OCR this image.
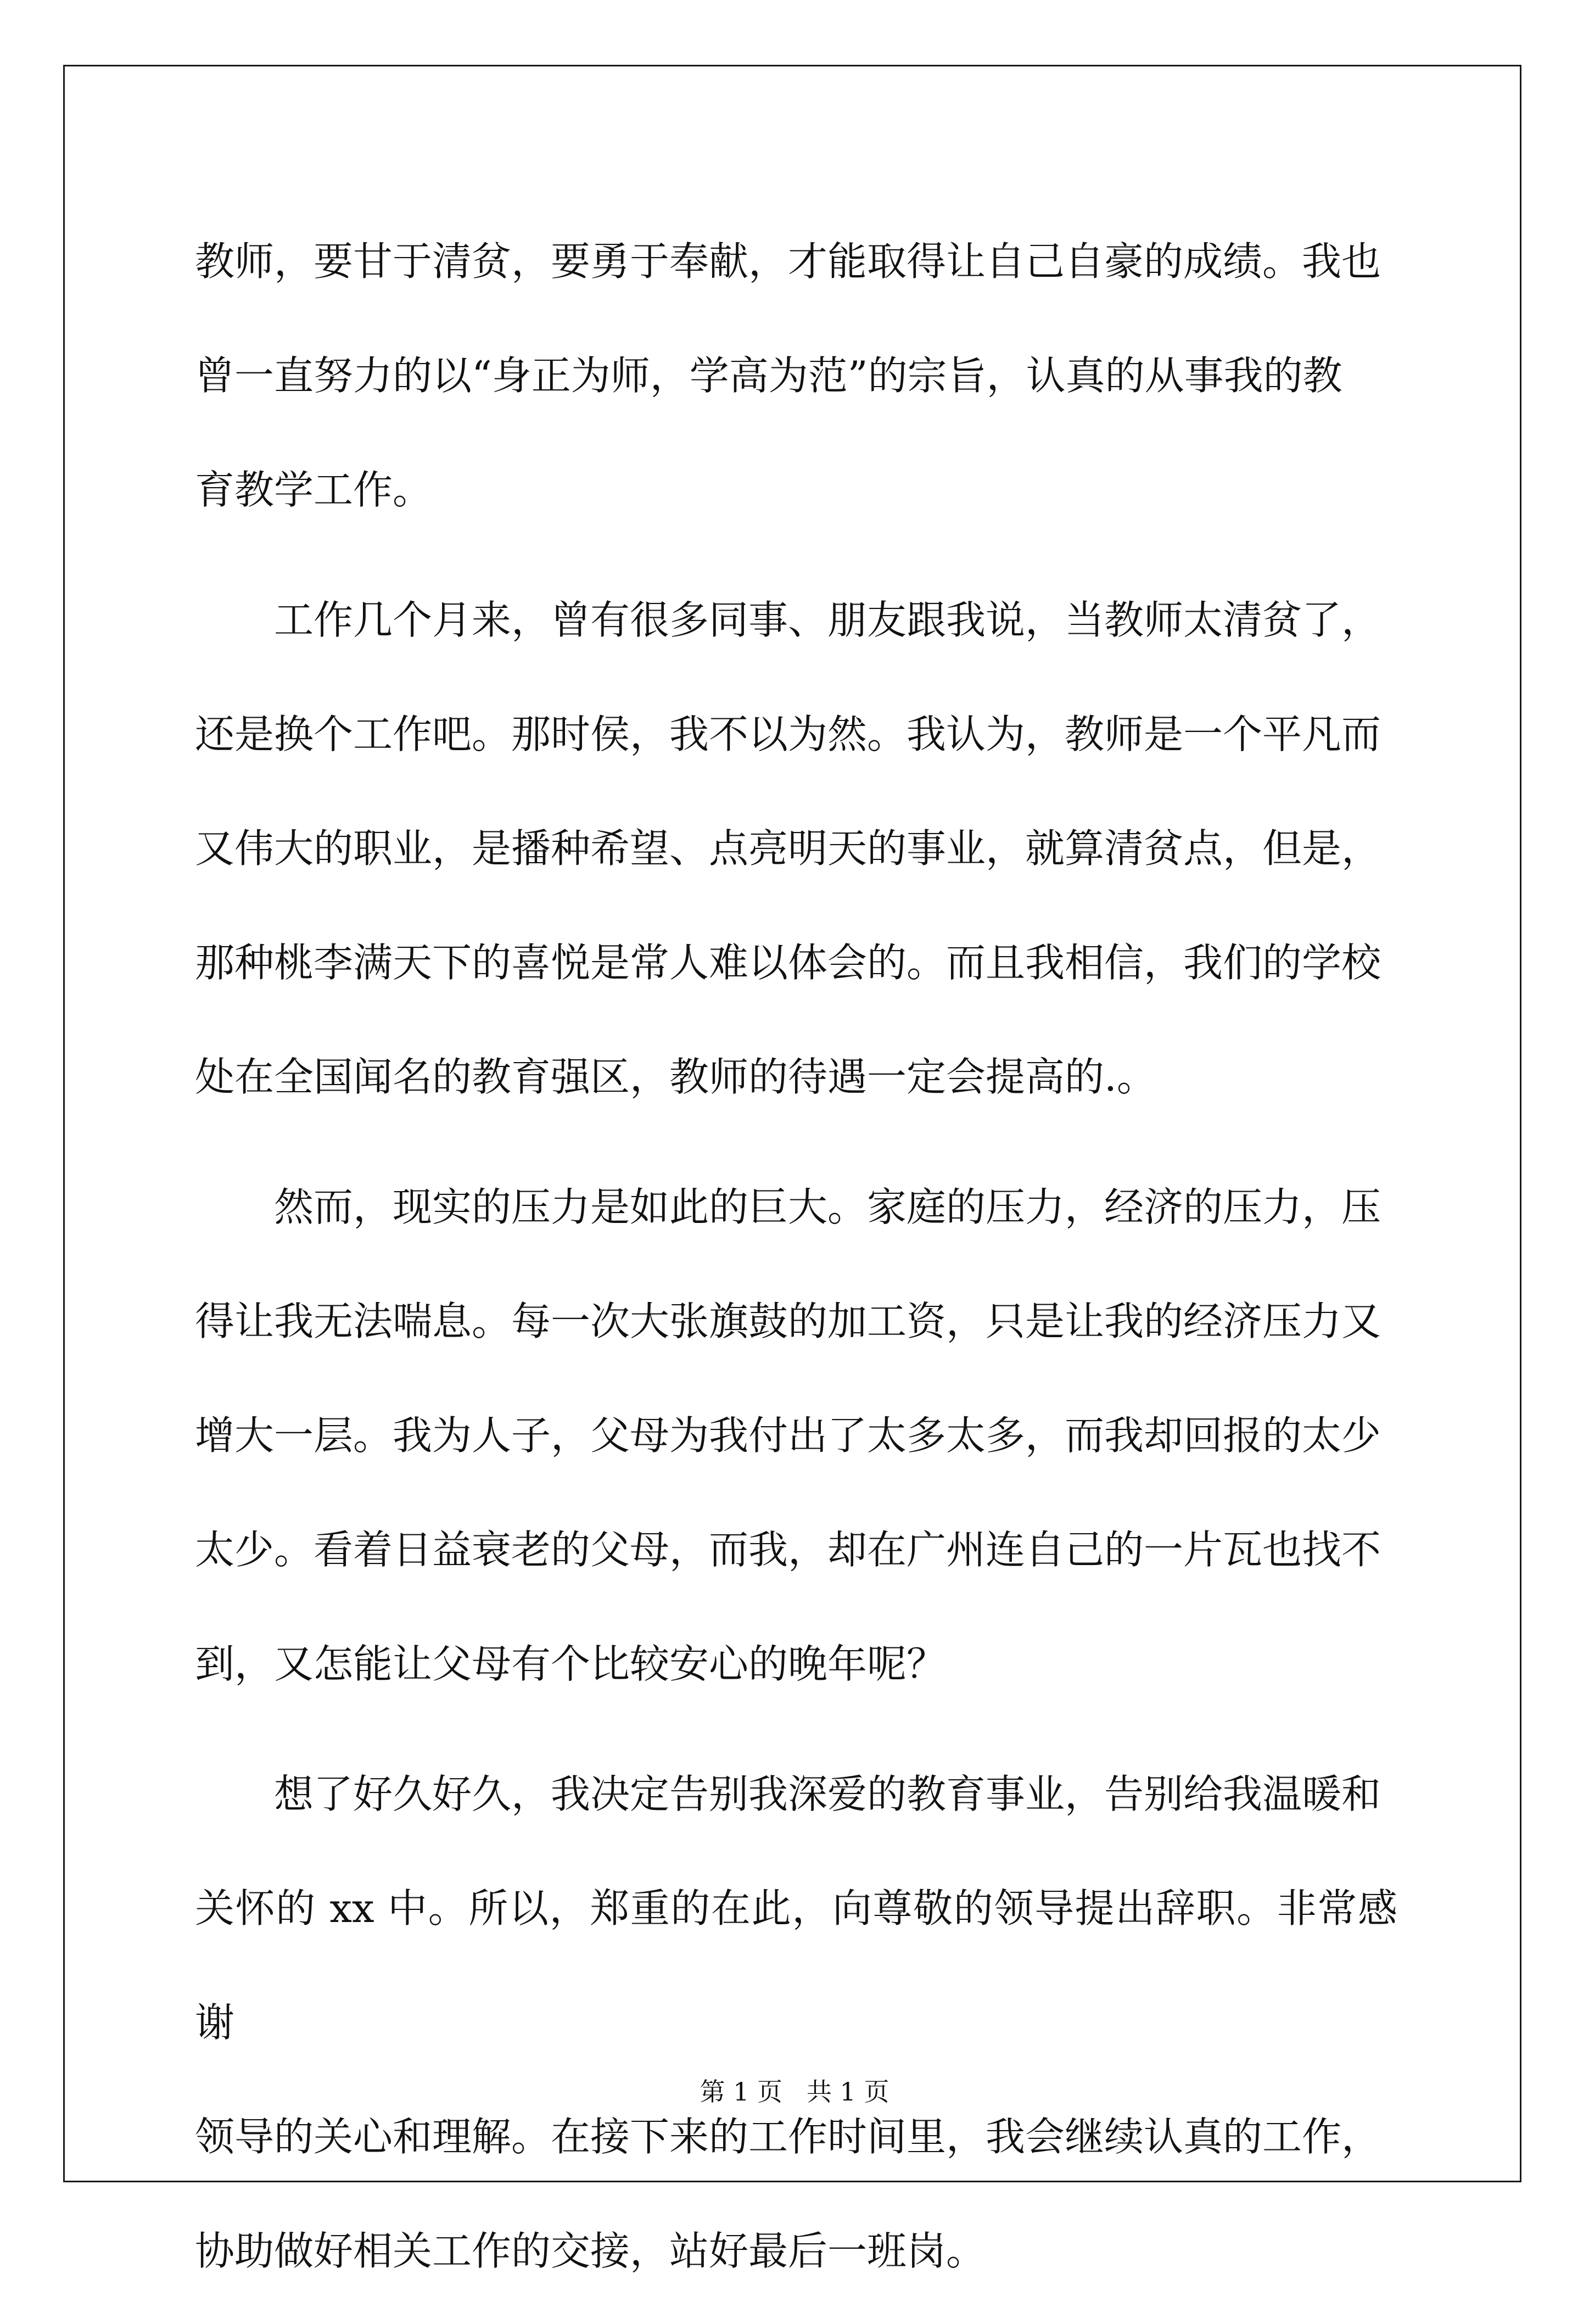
教师，要甘于清贫，要勇于奉献，才能取得让自己自豪的成绩。我也
曾一直努力的以“身正为师，学高为范”的宗旨，认真的从事我的教
育教学工作。

工作几个月来，曾有很多同事、朋友跟我说，当教师太清贫了，
还是换个工作吧。那时侯，我不以为然。我认为，教师是一个平凡而
又伟大的职业，是播种希望、点亮明天的事业，就算清贫点，但是，
那种桃李满天下的喜悦是常人难以体会的。而且我相信，我们的学校
处在全国闻名的教育强区，教师的待遇一定会提高的.。

然而，现实的压力是如此的巨大。家庭的压力，经济的压力，压
得让我无法喘息。每一次大张旗鼓的加工资，只是让我的经济压力又
增大一层。我为人子，父母为我付出了太多太多，而我却回报的太少
太少。看着日益衰老的父母，而我，却在广州连自己的一片瓦也找不
到，又怎能让父母有个比较安心的晚年呢？

想了好久好久，我决定告别我深爱的教育事业，告别给我温暖和
关怀的 xx 中。所以，郑重的在此，向尊敬的领导提出辞职。非常感谢
领导的关心和理解。在接下来的工作时间里，我会继续认真的工作，
协助做好相关工作的交接，站好最后一班岗。

第 1 页 共 1 页
